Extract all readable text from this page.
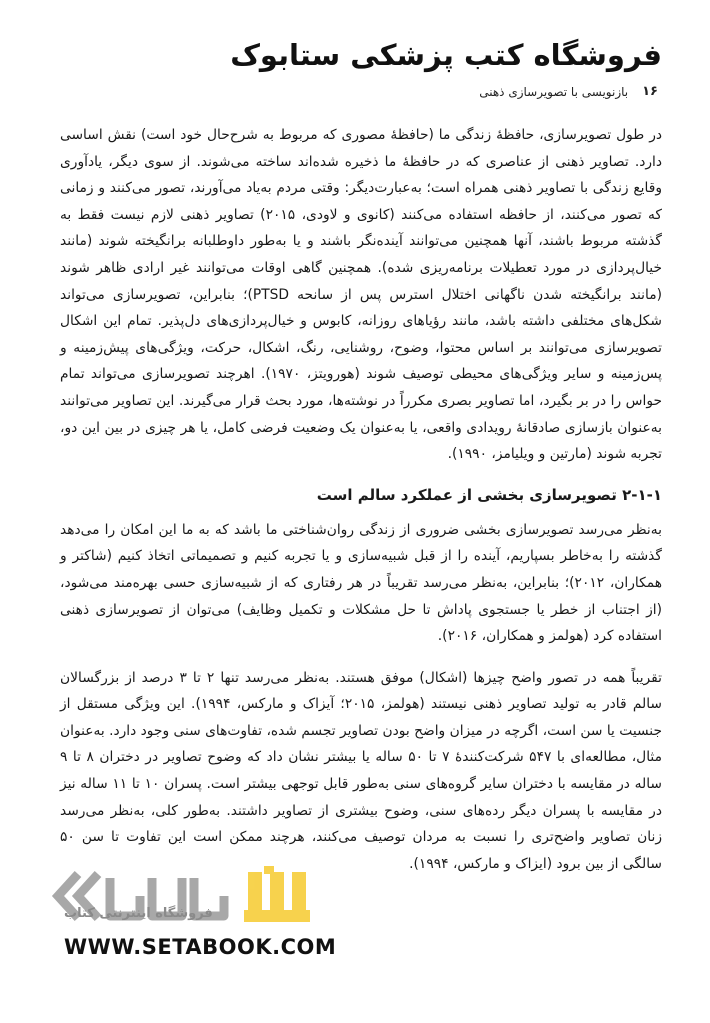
فروشگاه کتب پزشکی ستابوک
۱۶
بازنویسی با تصویرسازی ذهنی

در طول تصویرسازی، حافظهٔ زندگی ما (حافظهٔ مصوری که مربوط به شرح‌حال خود است) نقش اساسی دارد. تصاویر ذهنی از عناصری که در حافظهٔ ما ذخیره شده‌اند ساخته می‌شوند. از سوی دیگر، یادآوری وقایع زندگی با تصاویر ذهنی همراه است؛ به‌عبارت‌دیگر: وقتی مردم به‌یاد می‌آورند، تصور می‌کنند و زمانی که تصور می‌کنند، از حافظه استفاده می‌کنند (کانوی و لاودی، ۲۰۱۵) تصاویر ذهنی لازم نیست فقط به گذشته مربوط باشند، آنها همچنین می‌توانند آینده‌نگر باشند و یا به‌طور داوطلبانه برانگیخته شوند (مانند خیال‌پردازی در مورد تعطیلات برنامه‌ریزی شده). همچنین گاهی اوقات می‌توانند غیر ارادی ظاهر شوند (مانند برانگیخته شدن ناگهانی اختلال استرس پس از سانحه PTSD)؛ بنابراین، تصویرسازی می‌تواند شکل‌های مختلفی داشته باشد، مانند رؤیاهای روزانه، کابوس و خیال‌پردازی‌های دل‌پذیر. تمام این اشکال تصویرسازی می‌توانند بر اساس محتوا، وضوح، روشنایی، رنگ، اشکال، حرکت، ویژگی‌های پیش‌زمینه و پس‌زمینه و سایر ویژگی‌های محیطی توصیف شوند (هورویتز، ۱۹۷۰). اهرچند تصویرسازی می‌تواند تمام حواس را در بر بگیرد، اما تصاویر بصری مکرراً در نوشته‌ها، مورد بحث قرار می‌گیرند. این تصاویر می‌توانند به‌عنوان بازسازی صادقانهٔ رویدادی واقعی، یا به‌عنوان یک وضعیت فرضی کامل، یا هر چیزی در بین این دو، تجربه شوند (مارتین و ویلیامز، ۱۹۹۰).

۲-۱-۱ تصویرسازی بخشی از عملکرد سالم است

به‌نظر می‌رسد تصویرسازی بخشی ضروری از زندگی روان‌شناختی ما باشد که به ما این امکان را می‌دهد گذشته را به‌خاطر بسپاریم، آینده را از قبل شبیه‌سازی و یا تجربه کنیم و تصمیماتی اتخاذ کنیم (شاکتر و همکاران، ۲۰۱۲)؛ بنابراین، به‌نظر می‌رسد تقریباً در هر رفتاری که از شبیه‌سازی حسی بهره‌مند می‌شود، (از اجتناب از خطر یا جستجوی پاداش تا حل مشکلات و تکمیل وظایف) می‌توان از تصویرسازی ذهنی استفاده کرد (هولمز و همکاران، ۲۰۱۶).

تقریباً همه در تصور واضح چیزها (اشکال) موفق هستند. به‌نظر می‌رسد تنها ۲ تا ۳ درصد از بزرگسالان سالم قادر به تولید تصاویر ذهنی نیستند (هولمز، ۲۰۱۵؛ آیزاک و مارکس، ۱۹۹۴). این ویژگی مستقل از جنسیت یا سن است، اگرچه در میزان واضح بودن تصاویر تجسم شده، تفاوت‌های سنی وجود دارد. به‌عنوان مثال، مطالعه‌ای با ۵۴۷ شرکت‌کنندهٔ ۷ تا ۵۰ ساله یا بیشتر نشان داد که وضوح تصاویر در دختران ۸ تا ۹ ساله در مقایسه با دختران سایر گروه‌های سنی به‌طور قابل توجهی بیشتر است. پسران ۱۰ تا ۱۱ ساله نیز در مقایسه با پسران دیگر رده‌های سنی، وضوح بیشتری از تصاویر داشتند. به‌طور کلی، به‌نظر می‌رسد زنان تصاویر واضح‌تری را نسبت به مردان توصیف می‌کنند، هرچند ممکن است این تفاوت تا سن ۵۰ سالگی از بین برود (ایزاک و مارکس، ۱۹۹۴).

فروشگاه اینترنتی کتاب
WWW.SETABOOK.COM
